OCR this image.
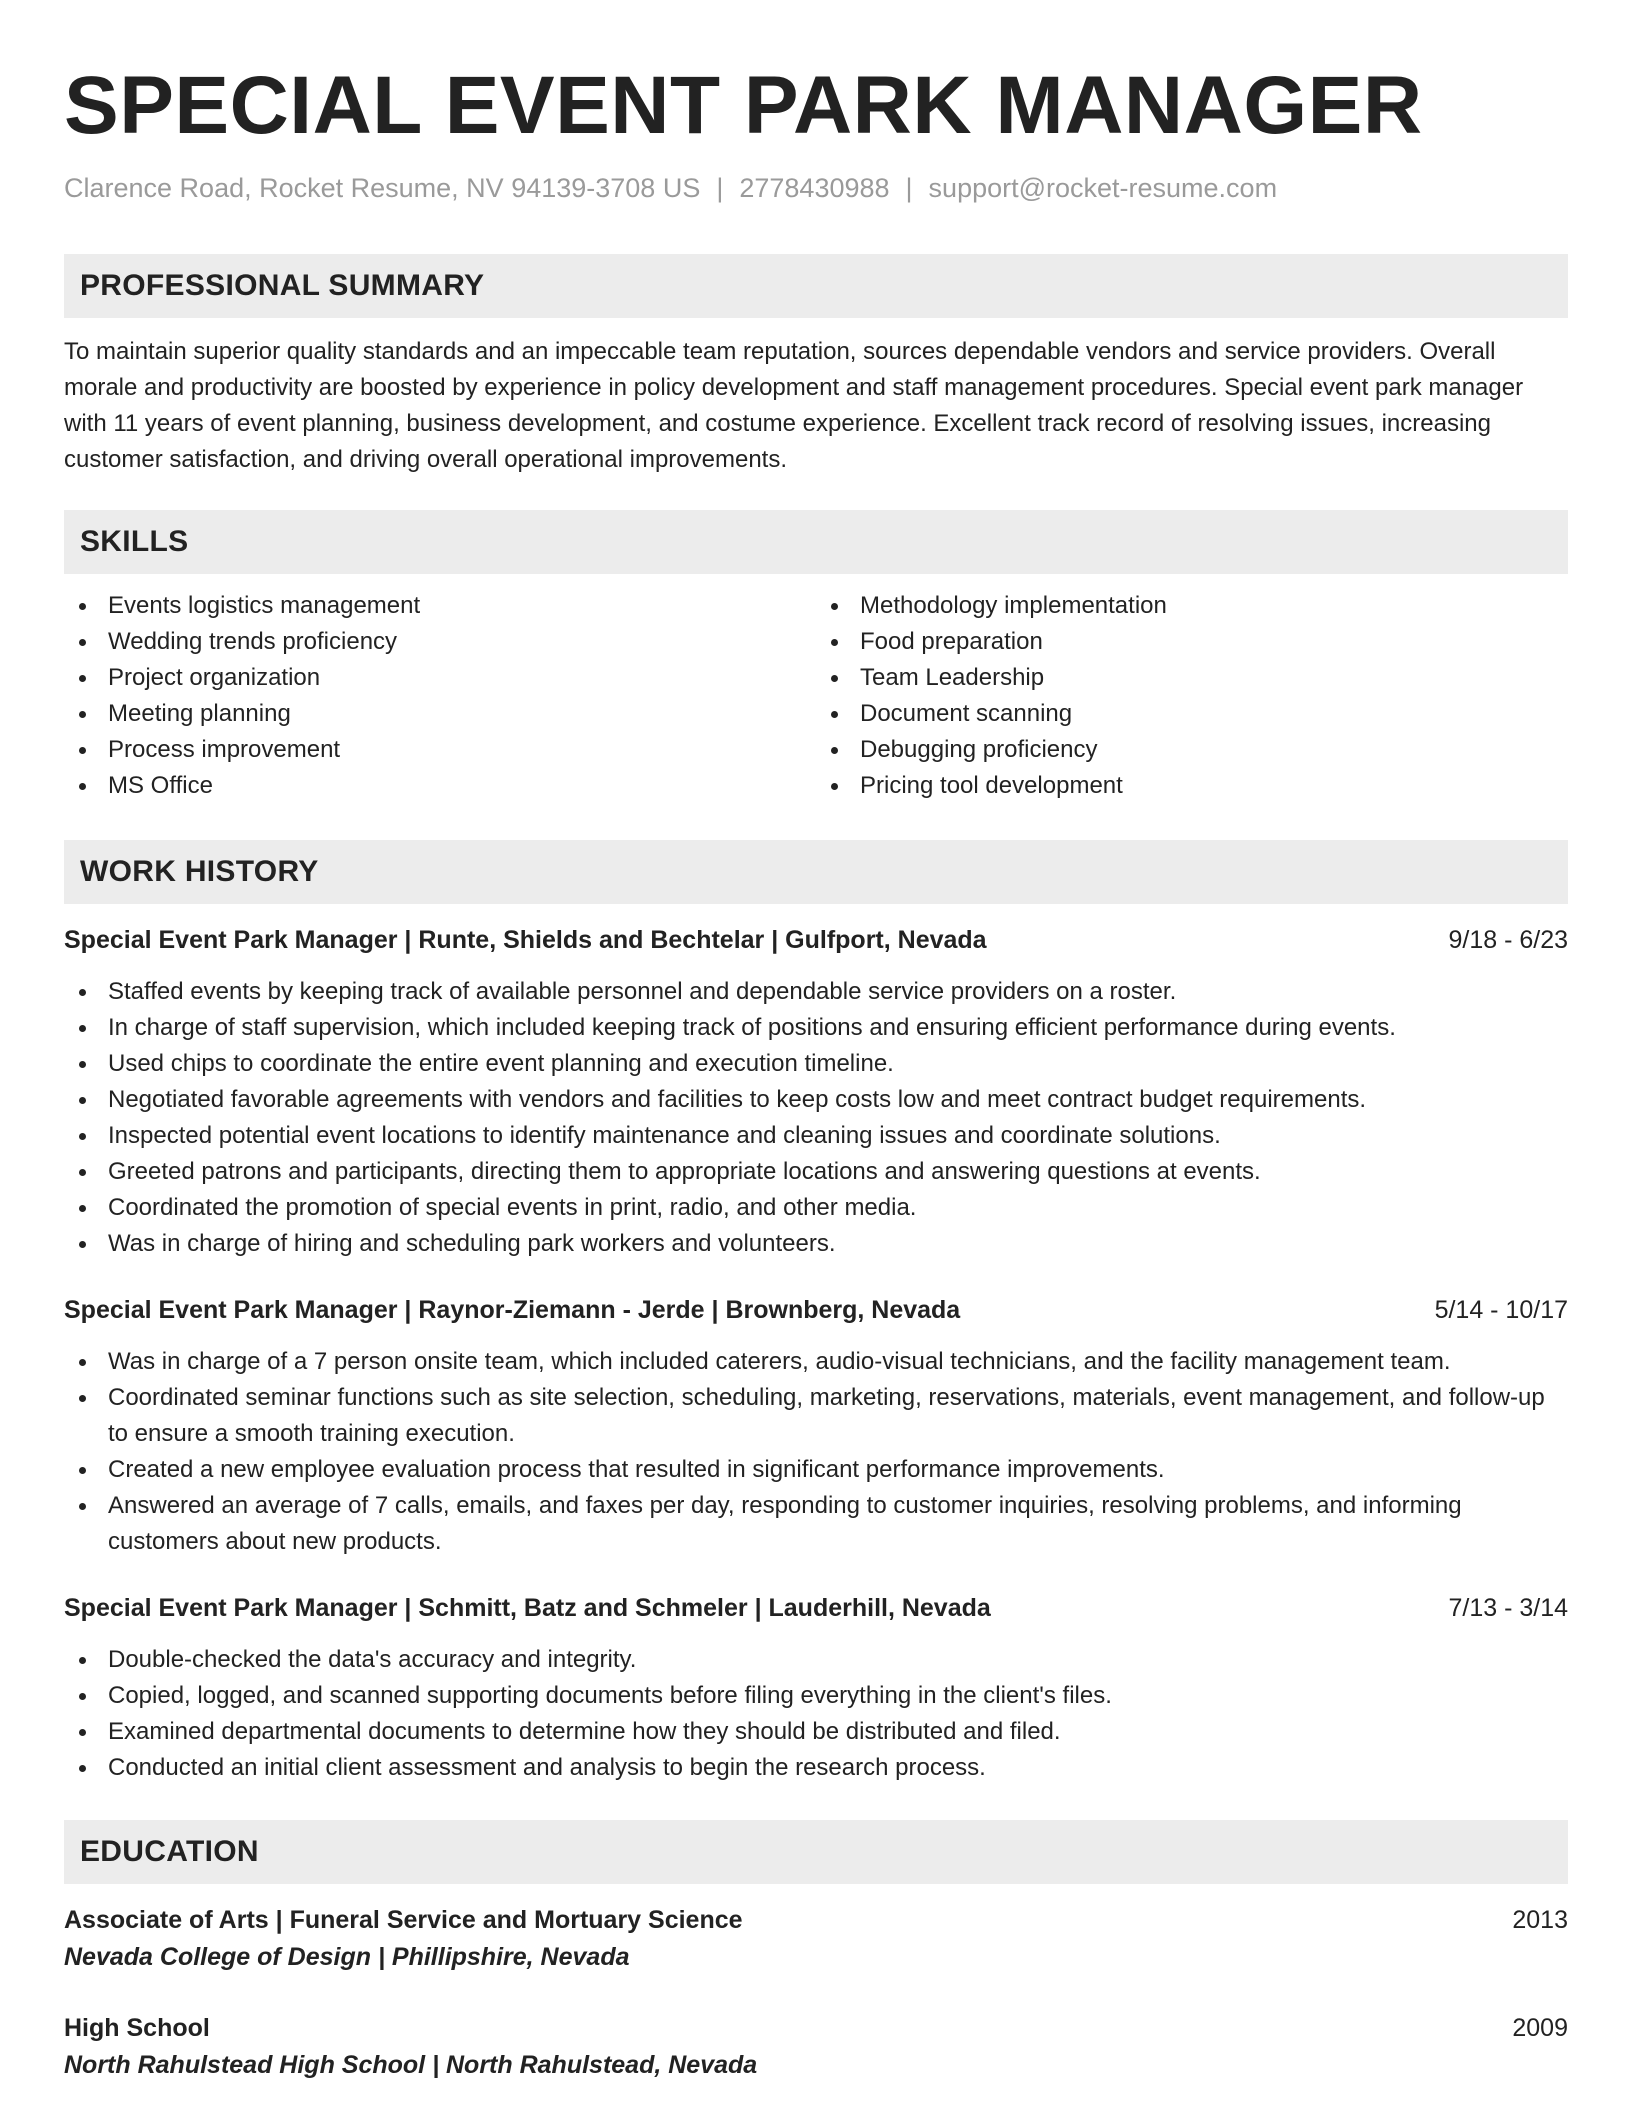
SPECIAL EVENT PARK MANAGER
Clarence Road, Rocket Resume, NV 94139-3708 US | 2778430988 | support@rocket-resume.com
PROFESSIONAL SUMMARY

To maintain superior quality standards and an impeccable team reputation, sources dependable vendors and service providers. Overall morale and productivity are boosted by experience in policy development and staff management procedures. Special event park manager with 11 years of event planning, business development, and costume experience. Excellent track record of resolving issues, increasing customer satisfaction, and driving overall operational improvements.

SKILLS
Events logistics management
Wedding trends proficiency
Project organization
Meeting planning
Process improvement
MS Office
Methodology implementation
Food preparation
Team Leadership
Document scanning
Debugging proficiency
Pricing tool development
WORK HISTORY
Special Event Park Manager | Runte, Shields and Bechtelar | Gulfport, Nevada	9/18 - 6/23
Staffed events by keeping track of available personnel and dependable service providers on a roster.
In charge of staff supervision, which included keeping track of positions and ensuring efficient performance during events.
Used chips to coordinate the entire event planning and execution timeline.
Negotiated favorable agreements with vendors and facilities to keep costs low and meet contract budget requirements.
Inspected potential event locations to identify maintenance and cleaning issues and coordinate solutions.
Greeted patrons and participants, directing them to appropriate locations and answering questions at events.
Coordinated the promotion of special events in print, radio, and other media.
Was in charge of hiring and scheduling park workers and volunteers.
Special Event Park Manager | Raynor-Ziemann - Jerde | Brownberg, Nevada	5/14 - 10/17
Was in charge of a 7 person onsite team, which included caterers, audio-visual technicians, and the facility management team.
Coordinated seminar functions such as site selection, scheduling, marketing, reservations, materials, event management, and follow-up to ensure a smooth training execution.
Created a new employee evaluation process that resulted in significant performance improvements.
Answered an average of 7 calls, emails, and faxes per day, responding to customer inquiries, resolving problems, and informing customers about new products.
Special Event Park Manager | Schmitt, Batz and Schmeler | Lauderhill, Nevada	7/13 - 3/14
Double-checked the data's accuracy and integrity.
Copied, logged, and scanned supporting documents before filing everything in the client's files.
Examined departmental documents to determine how they should be distributed and filed.
Conducted an initial client assessment and analysis to begin the research process.
EDUCATION
Associate of Arts | Funeral Service and Mortuary Science	2013
Nevada College of Design | Phillipshire, Nevada
High School	2009
North Rahulstead High School | North Rahulstead, Nevada
